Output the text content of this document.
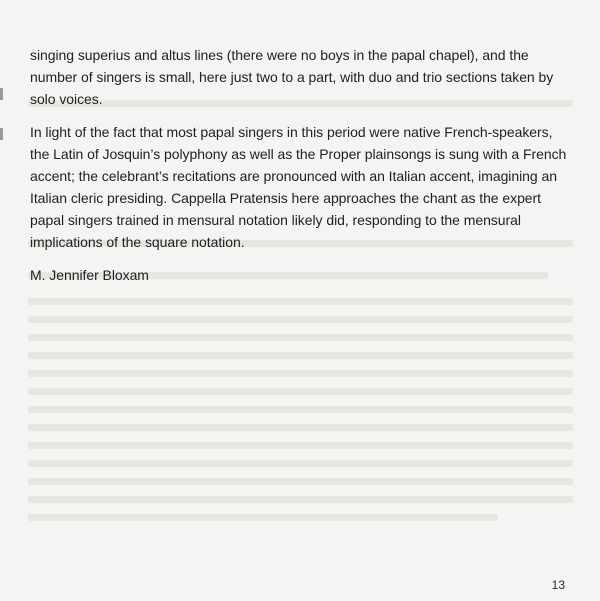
singing superius and altus lines (there were no boys in the papal chapel), and the number of singers is small, here just two to a part, with duo and trio sections taken by solo voices.

In light of the fact that most papal singers in this period were native French-speakers, the Latin of Josquin’s polyphony as well as the Proper plainsongs is sung with a French accent; the celebrant’s recitations are pronounced with an Italian accent, imagining an Italian cleric presiding. Cappella Pratensis here approaches the chant as the expert papal singers trained in mensural notation likely did, responding to the mensural implications of the square notation.

M. Jennifer Bloxam

13
